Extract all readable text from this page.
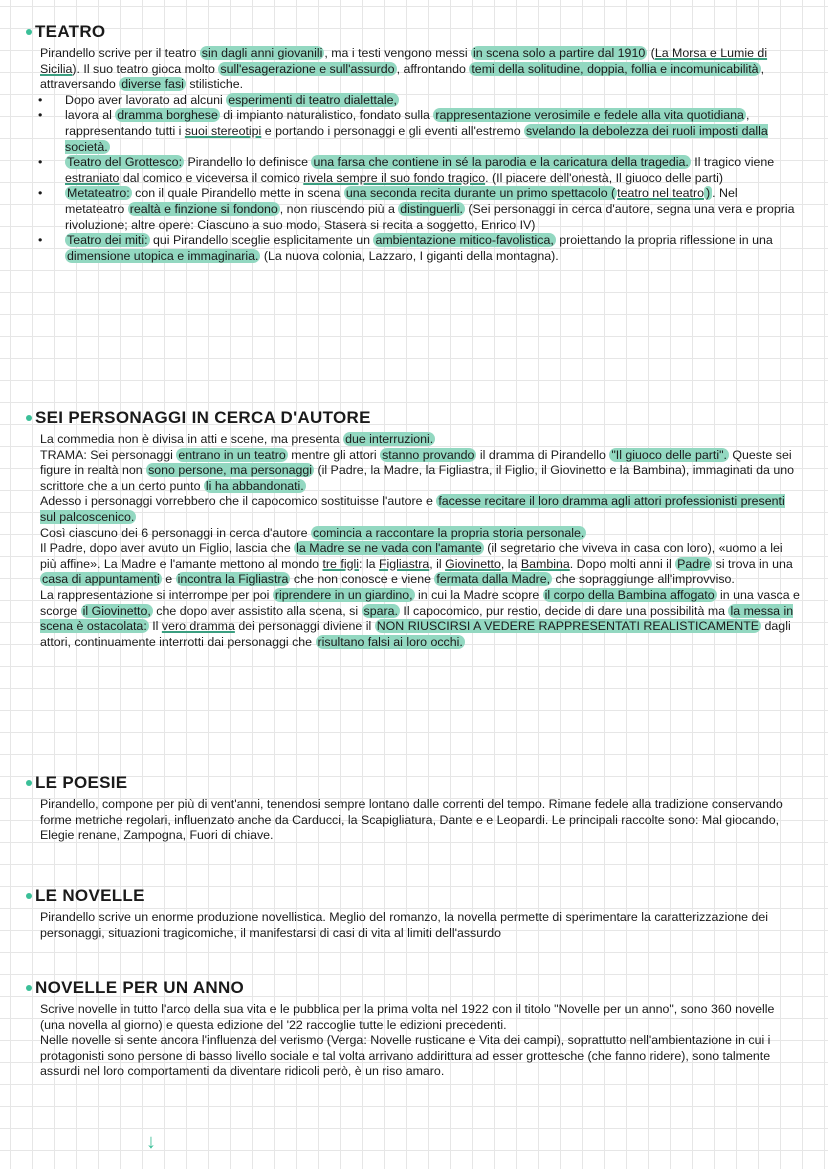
TEATRO
Pirandello scrive per il teatro sin dagli anni giovanili , ma i testi vengono messi in scena solo a partire dal 1910 (La Morsa e Lumie di Sicilia). Il suo teatro gioca molto sull'esagerazione e sull'assurdo , affrontando temi della solitudine, doppia, follia e incomunicabilità , attraversando diverse fasi stilistiche.
• Dopo aver lavorato ad alcuni esperimenti di teatro dialettale,
• lavora al dramma borghese di impianto naturalistico, fondato sulla rappresentazione verosimile e fedele alla vita quotidiana , rappresentando tutti i suoi stereotipi e portando i personaggi e gli eventi all'estremo svelando la debolezza dei ruoli imposti dalla società.
• Teatro del Grottesco: Pirandello lo definisce una farsa che contiene in sé la parodia e la caricatura della tragedia. Il tragico viene estraniato dal comico e viceversa il comico rivela sempre il suo fondo tragico. (Il piacere dell'onestà, Il giuoco delle parti)
• Metateatro: con il quale Pirandello mette in scena una seconda recita durante un primo spettacolo ( teatro nel teatro ) . Nel metateatro realtà e finzione si fondono , non riuscendo più a distinguerli. (Sei personaggi in cerca d'autore, segna una vera e propria rivoluzione; altre opere: Ciascuno a suo modo, Stasera si recita a soggetto, Enrico IV)
• Teatro dei miti: qui Pirandello sceglie esplicitamente un ambientazione mitico-favolistica, proiettando la propria riflessione in una dimensione utopica e immaginaria. (La nuova colonia, Lazzaro, I giganti della montagna).
SEI PERSONAGGI IN CERCA D'AUTORE
La commedia non è divisa in atti e scene, ma presenta due interruzioni.
TRAMA: Sei personaggi entrano in un teatro mentre gli attori stanno provando il dramma di Pirandello "Il giuoco delle parti". Queste sei figure in realtà non sono persone, ma personaggi (il Padre, la Madre, la Figliastra, il Figlio, il Giovinetto e la Bambina), immaginati da uno scrittore che a un certo punto li ha abbandonati.
Adesso i personaggi vorrebbero che il capocomico sostituisse l'autore e facesse recitare il loro dramma agli attori professionisti presenti sul palcoscenico.
Così ciascuno dei 6 personaggi in cerca d'autore comincia a raccontare la propria storia personale.
Il Padre, dopo aver avuto un Figlio, lascia che la Madre se ne vada con l'amante (il segretario che viveva in casa con loro), «uomo a lei più affine». La Madre e l'amante mettono al mondo tre figli: la Figliastra, il Giovinetto, la Bambina. Dopo molti anni il Padre si trova in una casa di appuntamenti e incontra la Figliastra che non conosce e viene fermata dalla Madre, che sopraggiunge all'improvviso.
La rappresentazione si interrompe per poi riprendere in un giardino, in cui la Madre scopre il corpo della Bambina affogato in una vasca e scorge il Giovinetto, che dopo aver assistito alla scena, si spara. Il capocomico, pur restio, decide di dare una possibilità ma la messa in scena è ostacolata: Il vero dramma dei personaggi diviene il NON RIUSCIRSI A VEDERE RAPPRESENTATI REALISTICAMENTE dagli attori, continuamente interrotti dai personaggi che risultano falsi ai loro occhi.
LE POESIE
Pirandello, compone per più di vent'anni, tenendosi sempre lontano dalle correnti del tempo. Rimane fedele alla tradizione conservando forme metriche regolari, influenzato anche da Carducci, la Scapigliatura, Dante e e Leopardi. Le principali raccolte sono: Mal giocando, Elegie renane, Zampogna, Fuori di chiave.
LE NOVELLE
Pirandello scrive un enorme produzione novellistica. Meglio del romanzo, la novella permette di sperimentare la caratterizzazione dei personaggi, situazioni tragicomiche, il manifestarsi di casi di vita al limiti dell'assurdo
NOVELLE PER UN ANNO
Scrive novelle in tutto l'arco della sua vita e le pubblica per la prima volta nel 1922 con il titolo "Novelle per un anno", sono 360 novelle (una novella al giorno) e questa edizione del '22 raccoglie tutte le edizioni precedenti.
Nelle novelle si sente ancora l'influenza del verismo (Verga: Novelle rusticane e Vita dei campi), soprattutto nell'ambientazione in cui i protagonisti sono persone di basso livello sociale e tal volta arrivano addirittura ad esser grottesche (che fanno ridere), sono talmente assurdi nel loro comportamenti da diventare ridicoli però, è un riso amaro.
↓
